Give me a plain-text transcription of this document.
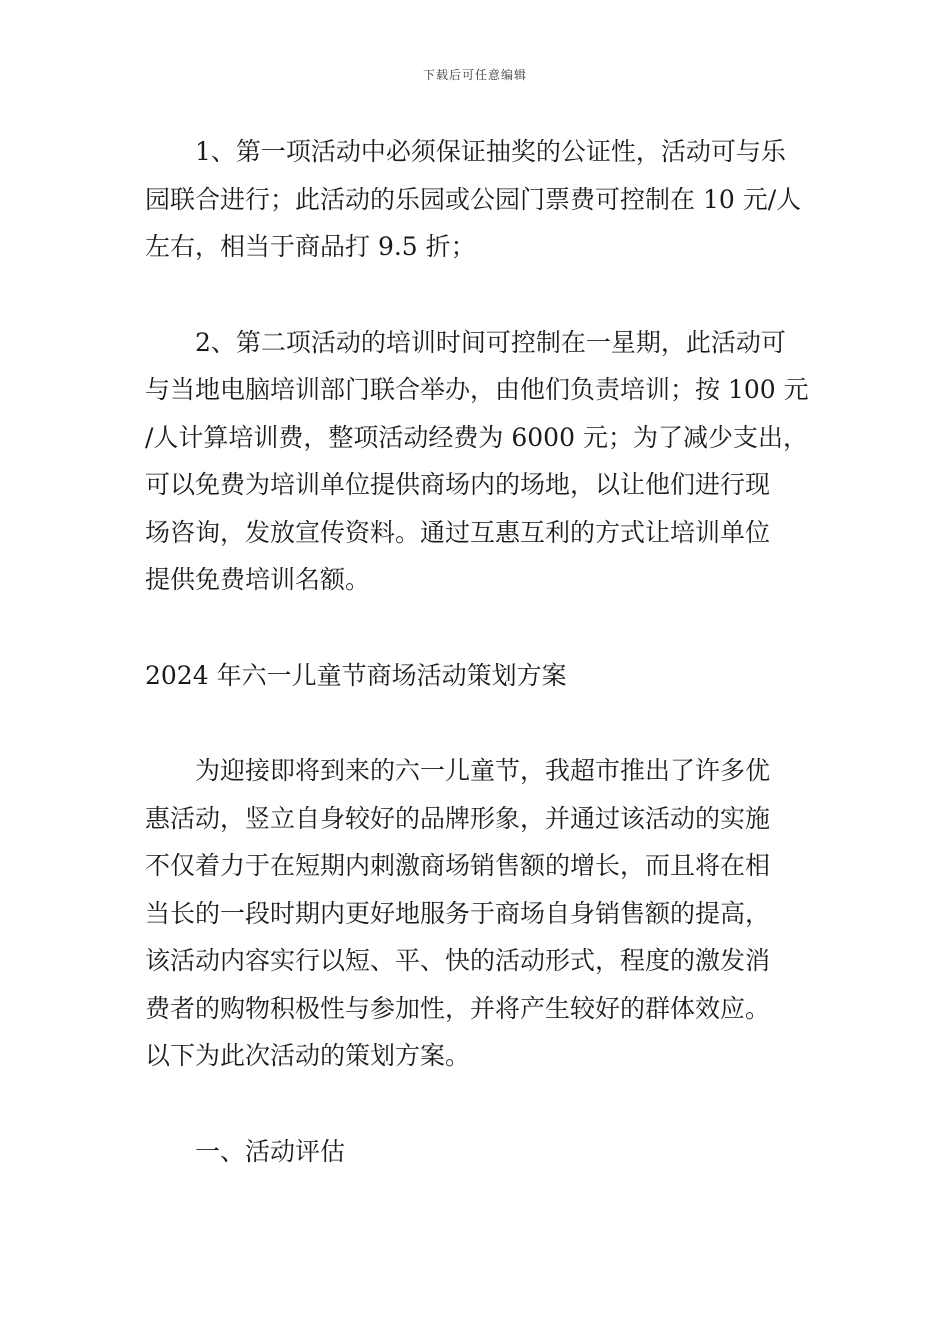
下载后可任意编辑

1、第一项活动中必须保证抽奖的公证性，活动可与乐
园联合进行；此活动的乐园或公园门票费可控制在 10 元/人
左右，相当于商品打 9.5 折；

2、第二项活动的培训时间可控制在一星期，此活动可
与当地电脑培训部门联合举办，由他们负责培训；按 100 元
/人计算培训费，整项活动经费为 6000 元；为了减少支出，
可以免费为培训单位提供商场内的场地，以让他们进行现
场咨询，发放宣传资料。通过互惠互利的方式让培训单位
提供免费培训名额。

2024 年六一儿童节商场活动策划方案

为迎接即将到来的六一儿童节，我超市推出了许多优
惠活动，竖立自身较好的品牌形象，并通过该活动的实施
不仅着力于在短期内刺激商场销售额的增长，而且将在相
当长的一段时期内更好地服务于商场自身销售额的提高，
该活动内容实行以短、平、快的活动形式，程度的激发消
费者的购物积极性与参加性，并将产生较好的群体效应。
以下为此次活动的策划方案。

一、活动评估
